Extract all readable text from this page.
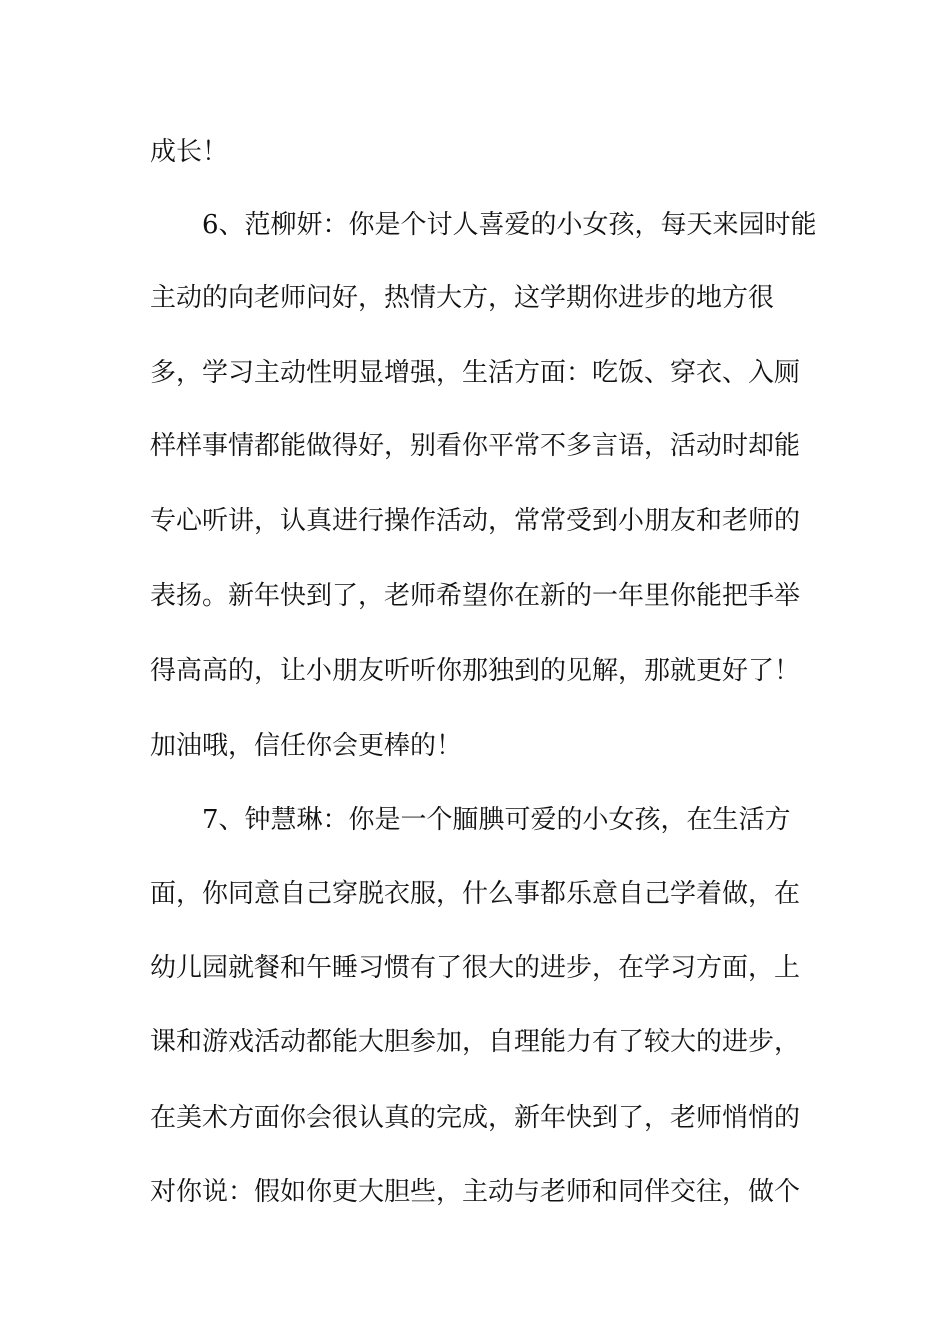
成长！
6、范柳妍：你是个讨人喜爱的小女孩，每天来园时能
主动的向老师问好，热情大方，这学期你进步的地方很
多，学习主动性明显增强，生活方面：吃饭、穿衣、入厕
样样事情都能做得好，别看你平常不多言语，活动时却能
专心听讲，认真进行操作活动，常常受到小朋友和老师的
表扬。新年快到了，老师希望你在新的一年里你能把手举
得高高的，让小朋友听听你那独到的见解，那就更好了！
加油哦，信任你会更棒的！
7、钟慧琳：你是一个腼腆可爱的小女孩，在生活方
面，你同意自己穿脱衣服，什么事都乐意自己学着做，在
幼儿园就餐和午睡习惯有了很大的进步，在学习方面，上
课和游戏活动都能大胆参加，自理能力有了较大的进步，
在美术方面你会很认真的完成，新年快到了，老师悄悄的
对你说：假如你更大胆些，主动与老师和同伴交往，做个
